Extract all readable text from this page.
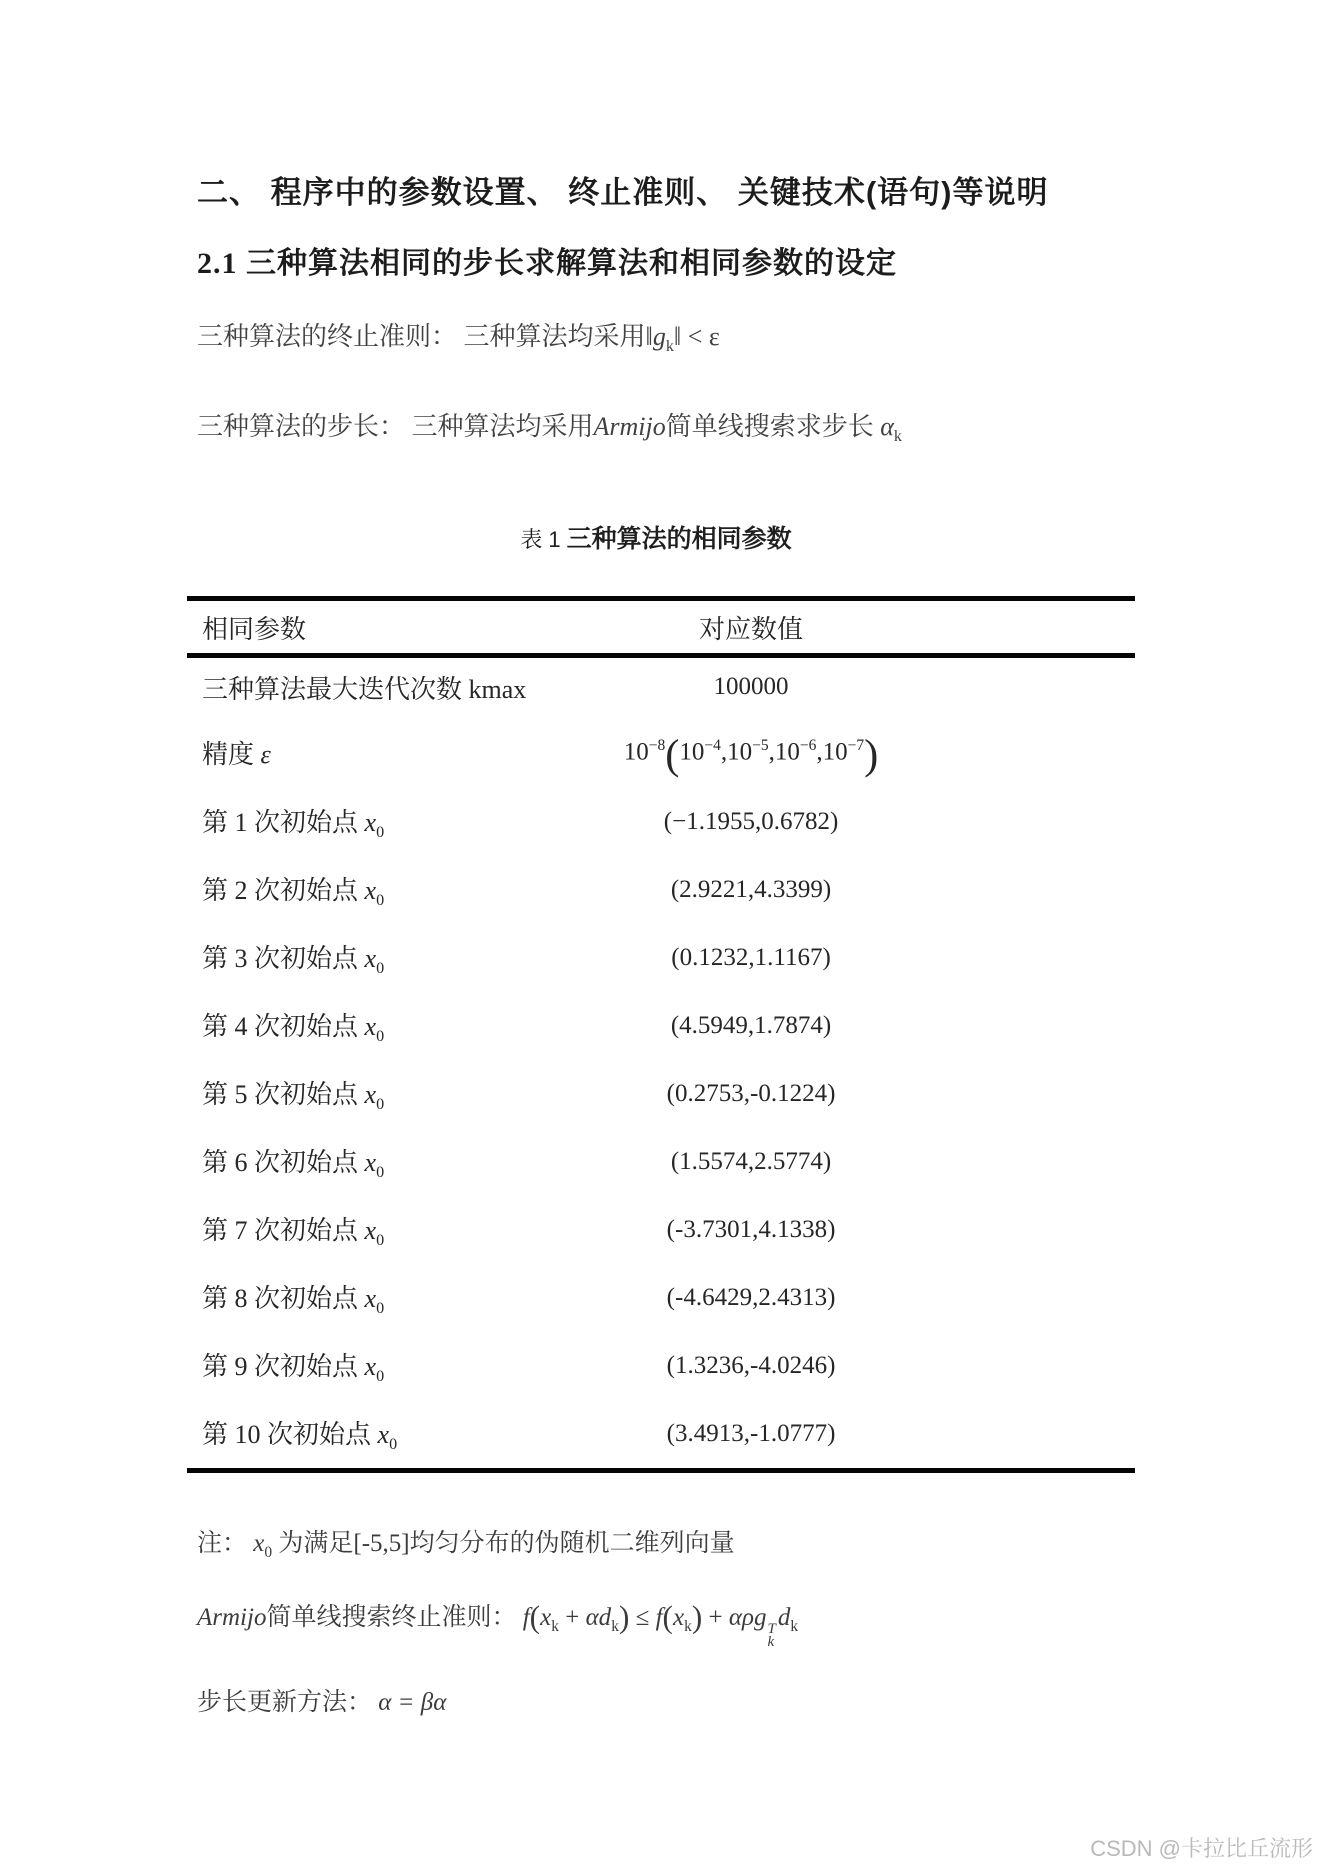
二、 程序中的参数设置、 终止准则、 关键技术(语句)等说明
2.1 三种算法相同的步长求解算法和相同参数的设定

三种算法的终止准则： 三种算法均采用$‖g_k‖ < \varepsilon$

三种算法的步长： 三种算法均采用Armijo简单线搜索求步长 $\alpha_k$

表 1 三种算法的相同参数
相同参数	对应数值	
三种算法最大迭代次数 kmax	100000	
精度 ε	$10^{-8}(10^{-4},10^{-5},10^{-6},10^{-7})$	
第 1 次初始点 $x_0$	(−1.1955,0.6782)	
第 2 次初始点 $x_0$	(2.9221,4.3399)	
第 3 次初始点 $x_0$	(0.1232,1.1167)	
第 4 次初始点 $x_0$	(4.5949,1.7874)	
第 5 次初始点 $x_0$	(0.2753,-0.1224)	
第 6 次初始点 $x_0$	(1.5574,2.5774)	
第 7 次初始点 $x_0$	(-3.7301,4.1338)	
第 8 次初始点 $x_0$	(-4.6429,2.4313)	
第 9 次初始点 $x_0$	(1.3236,-4.0246)	
第 10 次初始点 $x_0$	(3.4913,-1.0777)	

注： $x_0$ 为满足[-5,5]均匀分布的伪随机二维列向量

Armijo简单线搜索终止准则： $f(x_k + \alpha d_k) \le f(x_k) + \alpha\rho g$ T
k
$d_k$

步长更新方法： α = βα

CSDN @卡拉比丘流形
